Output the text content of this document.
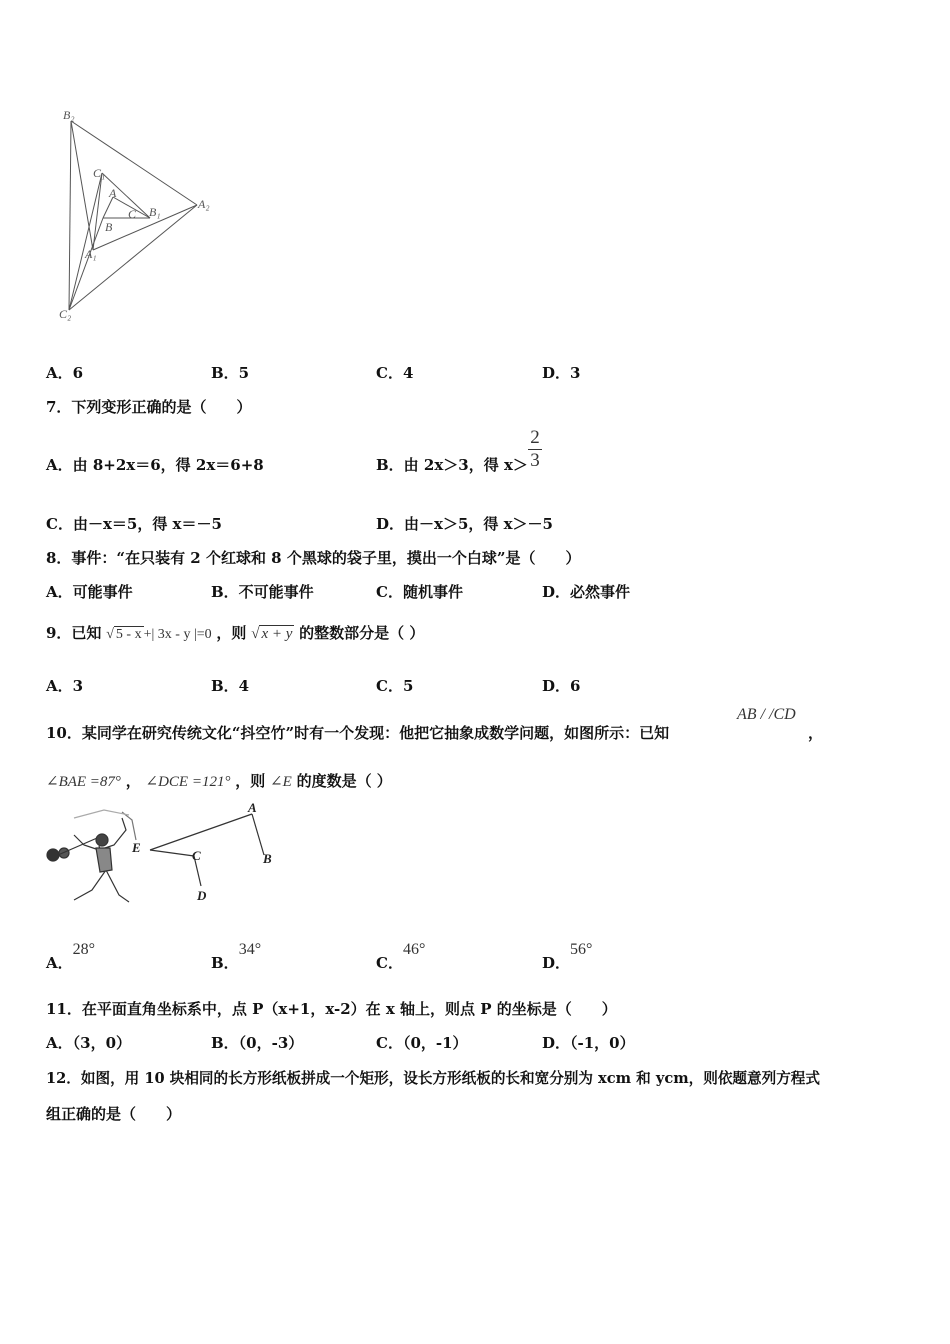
B₂
C₁
A
C B₁
B
A₂
A₁
C₂
A．6	B．5	C．4	D．3
7．下列变形正确的是（　　）
A．由 8+2x＝6，得 2x＝6+8	B．由 2x＞3，得 x＞
2
3
C．由－x＝5，得 x＝－5	D．由－x＞5，得 x＞－5
8．事件：“在只装有 2 个红球和 8 个黑球的袋子里，摸出一个白球”是（　　）
A．可能事件	B．不可能事件	C．随机事件	D．必然事件
9．已知 √ 5 - x +| 3x - y |=0 ，则 √ x + y 的整数部分是（ ）
A．3	B．4	C．5	D．6
10．某同学在研究传统文化“抖空竹”时有一个发现：他把它抽象成数学问题，如图所示：已知
AB / /CD
，
∠BAE =87° ， ∠DCE =121° ，则 ∠E 的度数是（ ）
E
A
B
C
D
A．28°
B．34°
C．46°
D．56°
11．在平面直角坐标系中，点 P（x+1，x-2）在 x 轴上，则点 P 的坐标是（　　）
A．（3，0）	B．（0，-3）	C．（0，-1）	D．（-1，0）
12．如图，用 10 块相同的长方形纸板拼成一个矩形，设长方形纸板的长和宽分别为 xcm 和 ycm，则依题意列方程式
组正确的是（　　）
